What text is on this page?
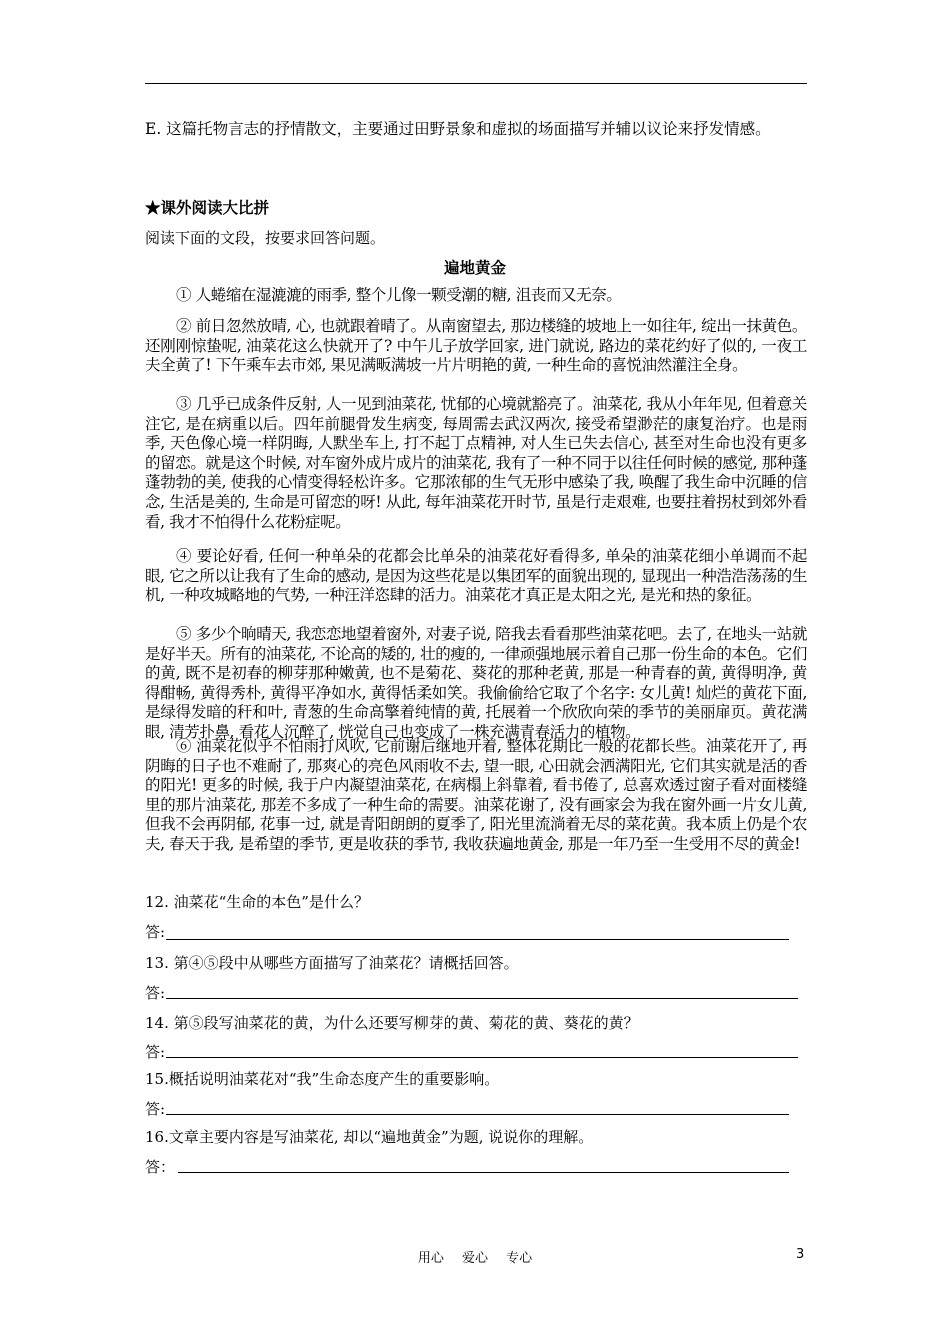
E. 这篇托物言志的抒情散文，主要通过田野景象和虚拟的场面描写并辅以议论来抒发情感。
★课外阅读大比拼
阅读下面的文段，按要求回答问题。
遍地黄金

① 人蜷缩在湿漉漉的雨季, 整个儿像一颗受潮的糖, 沮丧而又无奈。

② 前日忽然放晴, 心, 也就跟着晴了。从南窗望去, 那边楼缝的坡地上一如往年, 绽出一抹黄色。还刚刚惊蛰呢, 油菜花这么快就开了? 中午儿子放学回家, 进门就说, 路边的菜花约好了似的, 一夜工夫全黄了! 下午乘车去市郊, 果见满畈满坡一片片明艳的黄, 一种生命的喜悦油然灌注全身。

③ 几乎已成条件反射, 人一见到油菜花, 忧郁的心境就豁亮了。油菜花, 我从小年年见, 但着意关注它, 是在病重以后。四年前腿骨发生病变, 每周需去武汉两次, 接受希望渺茫的康复治疗。也是雨季, 天色像心境一样阴晦, 人默坐车上, 打不起丁点精神, 对人生已失去信心, 甚至对生命也没有更多的留恋。就是这个时候, 对车窗外成片成片的油菜花, 我有了一种不同于以往任何时候的感觉, 那种蓬蓬勃勃的美, 使我的心情变得轻松许多。它那浓郁的生气无形中感染了我, 唤醒了我生命中沉睡的信念, 生活是美的, 生命是可留恋的呀! 从此, 每年油菜花开时节, 虽是行走艰难, 也要拄着拐杖到郊外看看, 我才不怕得什么花粉症呢。

④ 要论好看, 任何一种单朵的花都会比单朵的油菜花好看得多, 单朵的油菜花细小单调而不起眼, 它之所以让我有了生命的感动, 是因为这些花是以集团军的面貌出现的, 显现出一种浩浩荡荡的生机, 一种攻城略地的气势, 一种汪洋恣肆的活力。油菜花才真正是太阳之光, 是光和热的象征。

⑤ 多少个晌晴天, 我恋恋地望着窗外, 对妻子说, 陪我去看看那些油菜花吧。去了, 在地头一站就是好半天。所有的油菜花, 不论高的矮的, 壮的瘦的, 一律顽强地展示着自己那一份生命的本色。它们的黄, 既不是初春的柳芽那种嫩黄, 也不是菊花、葵花的那种老黄, 那是一种青春的黄, 黄得明净, 黄得酣畅, 黄得秀朴, 黄得平净如水, 黄得恬柔如笑。我偷偷给它取了个名字: 女儿黄! 灿烂的黄花下面, 是绿得发暗的秆和叶, 青葱的生命高擎着纯情的黄, 托展着一个欣欣向荣的季节的美丽扉页。黄花满眼, 清芳扑鼻, 看花人沉醉了, 恍觉自己也变成了一株充满青春活力的植物。

⑥ 油菜花似乎不怕雨打风吹, 它前谢后继地开着, 整体花期比一般的花都长些。油菜花开了, 再阴晦的日子也不难耐了, 那爽心的亮色风雨收不去, 望一眼, 心田就会洒满阳光, 它们其实就是活的香的阳光! 更多的时候, 我于户内凝望油菜花, 在病榻上斜靠着, 看书倦了, 总喜欢透过窗子看对面楼缝里的那片油菜花, 那差不多成了一种生命的需要。油菜花谢了, 没有画家会为我在窗外画一片女儿黄, 但我不会再阴郁, 花事一过, 就是青阳朗朗的夏季了, 阳光里流淌着无尽的菜花黄。我本质上仍是个农夫, 春天于我, 是希望的季节, 更是收获的季节, 我收获遍地黄金, 那是一年乃至一生受用不尽的黄金!

12. 油菜花“生命的本色”是什么？
答:
13. 第④⑤段中从哪些方面描写了油菜花？请概括回答。
答:
14. 第⑤段写油菜花的黄，为什么还要写柳芽的黄、菊花的黄、葵花的黄？
答:
15.概括说明油菜花对“我”生命态度产生的重要影响。
答:
16.文章主要内容是写油菜花, 却以“遍地黄金”为题, 说说你的理解。
答：
用心 爱心 专心	3
